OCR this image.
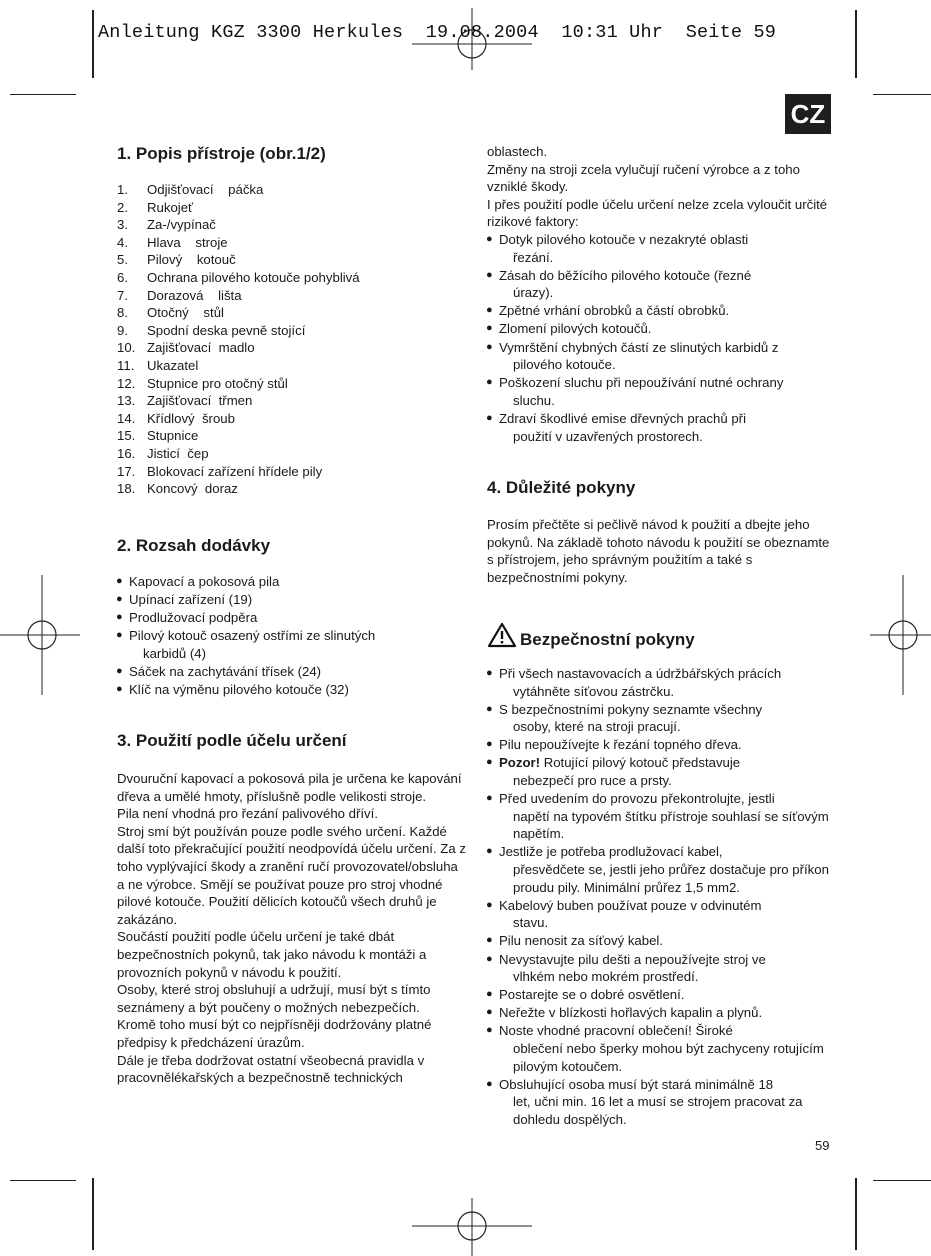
Anleitung KGZ 3300 Herkules  19.08.2004  10:31 Uhr  Seite 59
CZ
1. Popis přístroje (obr.1/2)
1.	Odjišťovací    páčka
2.	Rukojeť
3.	Za-/vypínač
4.	Hlava    stroje
5.	Pilový    kotouč
6.	Ochrana pilového kotouče pohyblivá
7.	Dorazová    lišta
8.	Otočný    stůl
9.	Spodní deska pevně stojící
10. Zajišťovací  madlo
11. Ukazatel
12. Stupnice pro otočný stůl
13. Zajišťovací  třmen
14. Křídlový  šroub
15. Stupnice
16. Jisticí  čep
17. Blokovací zařízení hřídele pily
18. Koncový  doraz
2. Rozsah dodávky
● Kapovací a pokosová pila
● Upínací zařízení (19)
● Prodlužovací podpěra
● Pilový kotouč osazený ostřími ze slinutých
karbidů (4)
● Sáček na zachytávání třísek (24)
● Klíč na výměnu pilového kotouče (32)
3. Použití podle účelu určení

Dvouruční kapovací a pokosová pila je určena ke kapování dřeva a umělé hmoty, příslušně podle velikosti stroje.

Pila není vhodná pro řezání palivového dříví.

Stroj smí být používán pouze podle svého určení. Každé další toto překračující použití neodpovídá účelu určení. Za z toho vyplývající škody a zranění ručí provozovatel/obsluha a ne výrobce. Smějí se používat pouze pro stroj vhodné pilové kotouče. Použití dělicích kotoučů všech druhů je zakázáno.

Součástí použití podle účelu určení je také dbát bezpečnostních pokynů, tak jako návodu k montáži a provozních pokynů v návodu k použití.

Osoby, které stroj obsluhují a udržují, musí být s tímto seznámeny a být poučeny o možných nebezpečích.

Kromě toho musí být co nejpřísněji dodržovány platné předpisy k předcházení úrazům.

Dále je třeba dodržovat ostatní všeobecná pravidla v pracovnělékařských a bezpečnostně technických

oblastech.

Změny na stroji zcela vylučují ručení výrobce a z toho vzniklé škody.

I přes použití podle účelu určení nelze zcela vyloučit určité rizikové faktory:

● Dotyk pilového kotouče v nezakryté oblasti
řezání.
● Zásah do běžícího pilového kotouče (řezné
úrazy).
● Zpětné vrhání obrobků a částí obrobků.
● Zlomení pilových kotoučů.
● Vymrštění chybných částí ze slinutých karbidů z
pilového kotouče.
● Poškození sluchu při nepoužívání nutné ochrany
sluchu.
● Zdraví škodlivé emise dřevných prachů při
použití v uzavřených prostorech.
4. Důležité pokyny

Prosím přečtěte si pečlivě návod k použití a dbejte jeho pokynů. Na základě tohoto návodu k použití se obeznamte s přístrojem, jeho správným použitím a také s bezpečnostními pokyny.

Bezpečnostní pokyny
● Při všech nastavovacích a údržbářských prácích
vytáhněte síťovou zástrčku.
● S bezpečnostními pokyny seznamte všechny
osoby, které na stroji pracují.
● Pilu nepoužívejte k řezání topného dřeva.
● Pozor! Rotující pilový kotouč představuje
nebezpečí pro ruce a prsty.
● Před uvedením do provozu překontrolujte, jestli
napětí na typovém štítku přístroje souhlasí se síťovým napětím.
● Jestliže je potřeba prodlužovací kabel,
přesvědčete se, jestli jeho průřez dostačuje pro příkon proudu pily. Minimální průřez 1,5 mm2.
● Kabelový buben používat pouze v odvinutém
stavu.
● Pilu nenosit za síťový kabel.
● Nevystavujte pilu dešti a nepoužívejte stroj ve
vlhkém nebo mokrém prostředí.
● Postarejte se o dobré osvětlení.
● Neřežte v blízkosti hořlavých kapalin a plynů.
● Noste vhodné pracovní oblečení! Široké
oblečení nebo šperky mohou být zachyceny rotujícím pilovým kotoučem.
● Obsluhující osoba musí být stará minimálně 18
let, učni min. 16 let a musí se strojem pracovat za dohledu dospělých.
59
